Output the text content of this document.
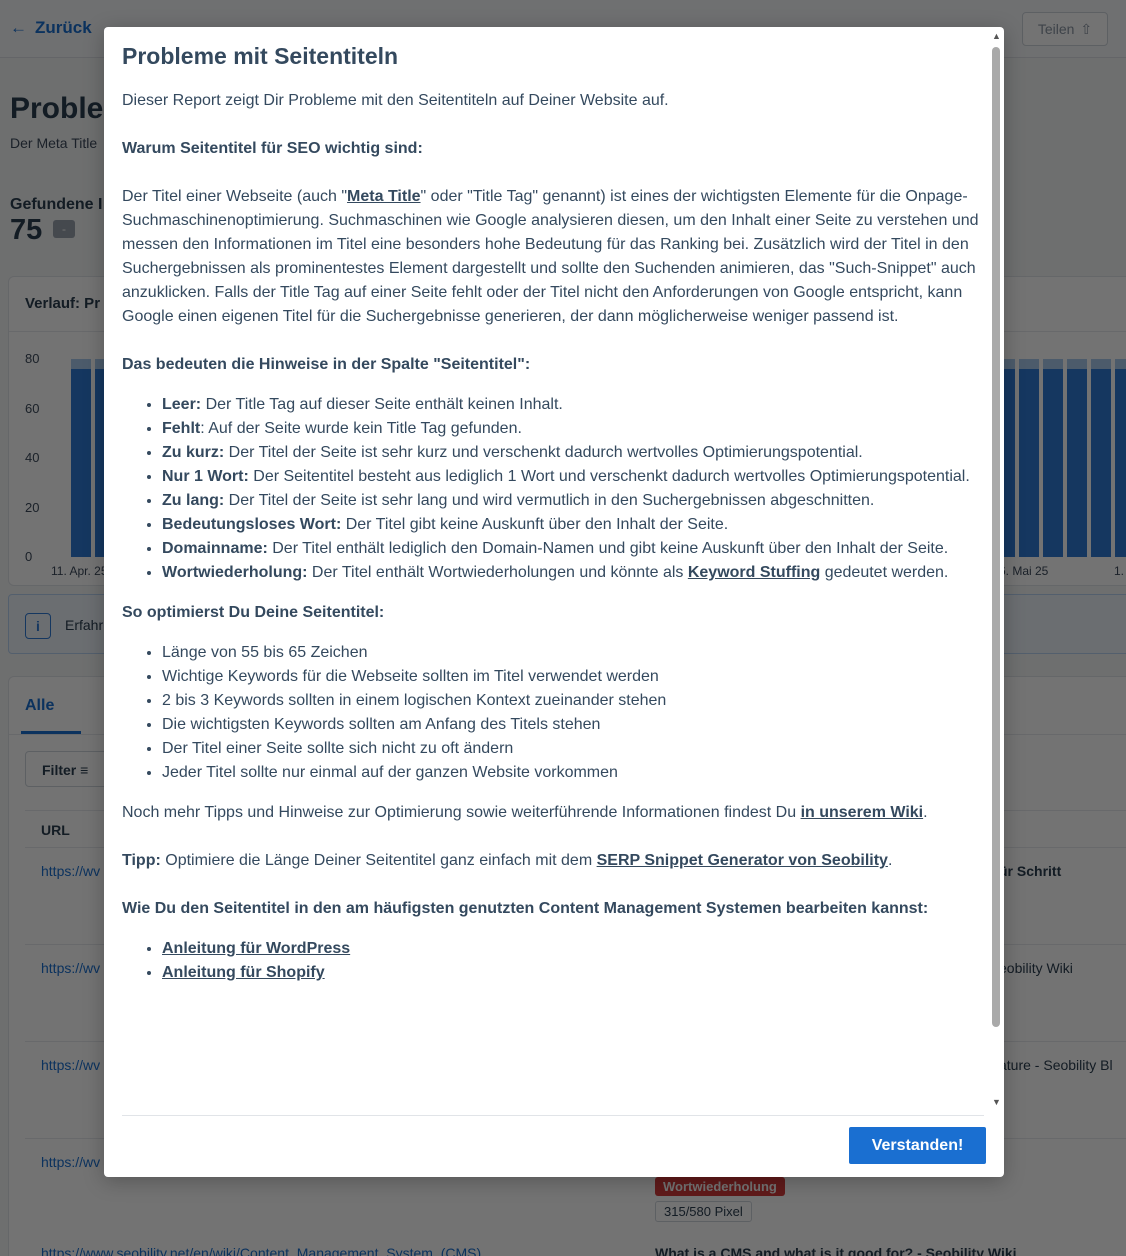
Probleme mit Seitentiteln

Dieser Report zeigt Dir Probleme mit den Seitentiteln auf Deiner Website auf.

Warum Seitentitel für SEO wichtig sind:

Der Titel einer Webseite (auch "Meta Title" oder "Title Tag" genannt) ist eines der wichtigsten Elemente für die Onpage-Suchmaschinenoptimierung. Suchmaschinen wie Google analysieren diesen, um den Inhalt einer Seite zu verstehen und messen den Informationen im Titel eine besonders hohe Bedeutung für das Ranking bei. Zusätzlich wird der Titel in den Suchergebnissen als prominentestes Element dargestellt und sollte den Suchenden animieren, das "Such-Snippet" auch anzuklicken. Falls der Title Tag auf einer Seite fehlt oder der Titel nicht den Anforderungen von Google entspricht, kann Google einen eigenen Titel für die Suchergebnisse generieren, der dann möglicherweise weniger passend ist.

Das bedeuten die Hinweise in der Spalte "Seitentitel":

• Leer: Der Title Tag auf dieser Seite enthält keinen Inhalt.
• Fehlt: Auf der Seite wurde kein Title Tag gefunden.
• Zu kurz: Der Titel der Seite ist sehr kurz und verschenkt dadurch wertvolles Optimierungspotential.
• Nur 1 Wort: Der Seitentitel besteht aus lediglich 1 Wort und verschenkt dadurch wertvolles Optimierungspotential.
• Zu lang: Der Titel der Seite ist sehr lang und wird vermutlich in den Suchergebnissen abgeschnitten.
• Bedeutungsloses Wort: Der Titel gibt keine Auskunft über den Inhalt der Seite.
• Domainname: Der Titel enthält lediglich den Domain-Namen und gibt keine Auskunft über den Inhalt der Seite.
• Wortwiederholung: Der Titel enthält Wortwiederholungen und könnte als Keyword Stuffing gedeutet werden.

So optimierst Du Deine Seitentitel:

• Länge von 55 bis 65 Zeichen
• Wichtige Keywords für die Webseite sollten im Titel verwendet werden
• 2 bis 3 Keywords sollten in einem logischen Kontext zueinander stehen
• Die wichtigsten Keywords sollten am Anfang des Titels stehen
• Der Titel einer Seite sollte sich nicht zu oft ändern
• Jeder Titel sollte nur einmal auf der ganzen Website vorkommen

Noch mehr Tipps und Hinweise zur Optimierung sowie weiterführende Informationen findest Du in unserem Wiki.

Tipp: Optimiere die Länge Deiner Seitentitel ganz einfach mit dem SERP Snippet Generator von Seobility.

Wie Du den Seitentitel in den am häufigsten genutzten Content Management Systemen bearbeiten kannst:

• Anleitung für WordPress
• Anleitung für Shopify
▲
▼
Verstanden!
